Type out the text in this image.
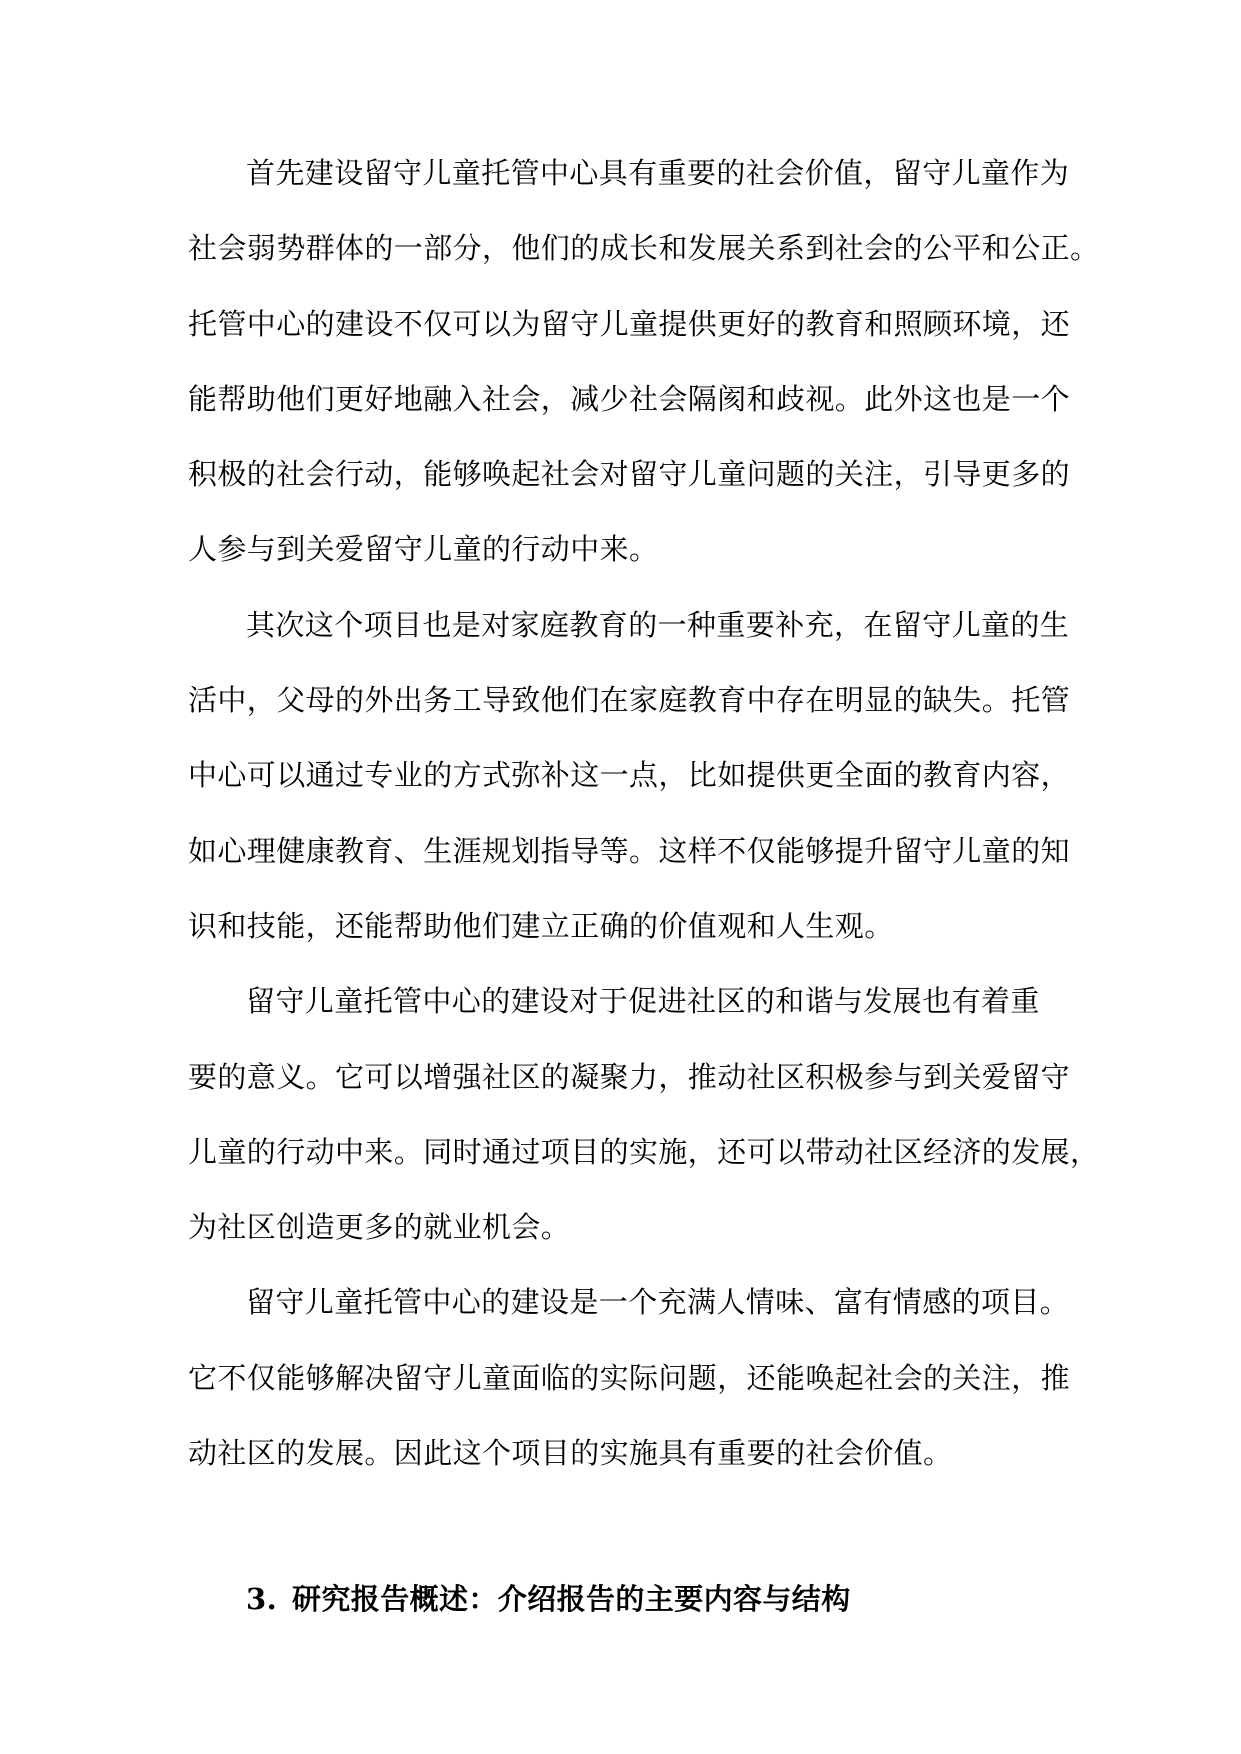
首先建设留守儿童托管中心具有重要的社会价值，留守儿童作为
社会弱势群体的一部分，他们的成长和发展关系到社会的公平和公正。
托管中心的建设不仅可以为留守儿童提供更好的教育和照顾环境，还
能帮助他们更好地融入社会，减少社会隔阂和歧视。此外这也是一个
积极的社会行动，能够唤起社会对留守儿童问题的关注，引导更多的
人参与到关爱留守儿童的行动中来。
其次这个项目也是对家庭教育的一种重要补充，在留守儿童的生
活中，父母的外出务工导致他们在家庭教育中存在明显的缺失。托管
中心可以通过专业的方式弥补这一点，比如提供更全面的教育内容，
如心理健康教育、生涯规划指导等。这样不仅能够提升留守儿童的知
识和技能，还能帮助他们建立正确的价值观和人生观。
留守儿童托管中心的建设对于促进社区的和谐与发展也有着重
要的意义。它可以增强社区的凝聚力，推动社区积极参与到关爱留守
儿童的行动中来。同时通过项目的实施，还可以带动社区经济的发展，
为社区创造更多的就业机会。
留守儿童托管中心的建设是一个充满人情味、富有情感的项目。
它不仅能够解决留守儿童面临的实际问题，还能唤起社会的关注，推
动社区的发展。因此这个项目的实施具有重要的社会价值。
3. 研究报告概述：介绍报告的主要内容与结构
